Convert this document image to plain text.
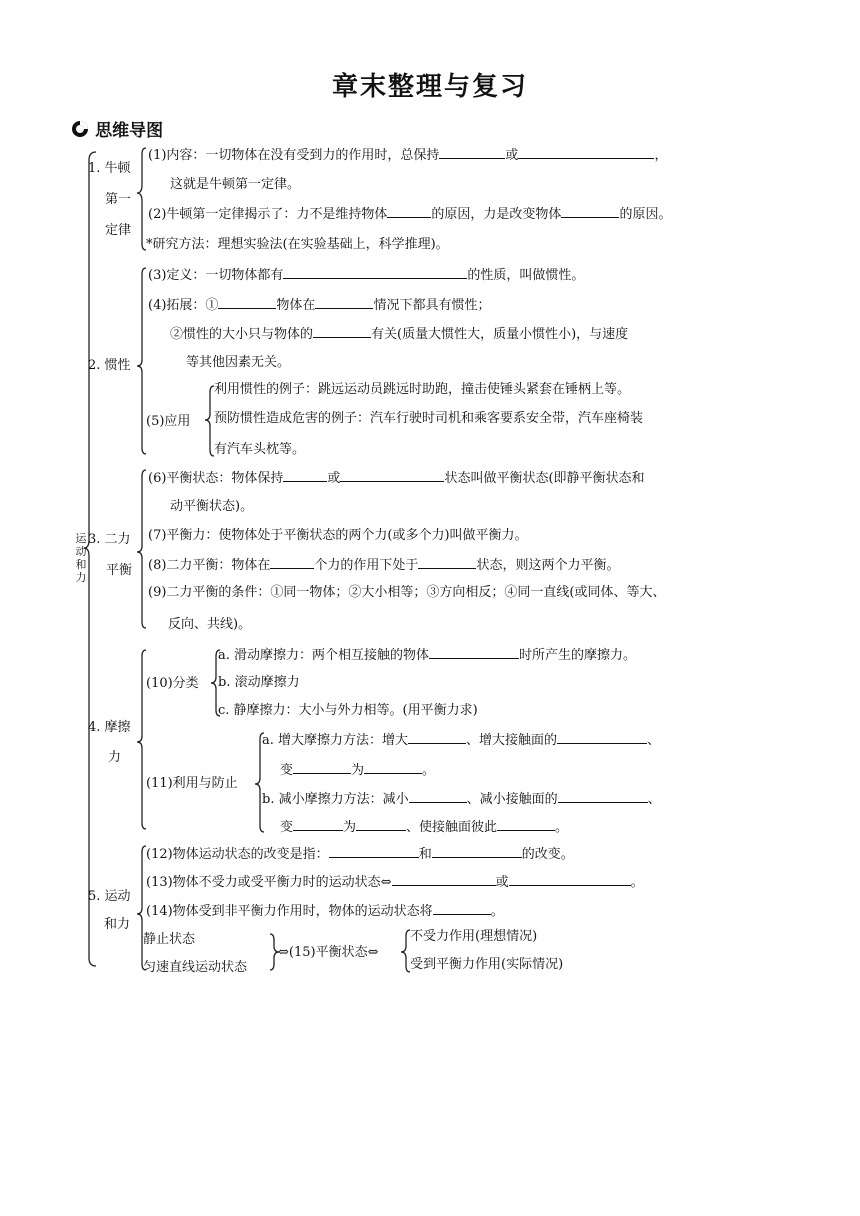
章末整理与复习
思维导图
运动和力
1. 牛顿
第一
定律
(1)内容：一切物体在没有受到力的作用时，总保持	或	，
这就是牛顿第一定律。
(2)牛顿第一定律揭示了：力不是维持物体	的原因，力是改变物体	的原因。
*研究方法：理想实验法(在实验基础上，科学推理)。
2. 惯性
(3)定义：一切物体都有	的性质，叫做惯性。
(4)拓展：①	物体在	情况下都具有惯性；
②惯性的大小只与物体的	有关(质量大惯性大，质量小惯性小)，与速度
等其他因素无关。
(5)应用
利用惯性的例子：跳远运动员跳远时助跑，撞击使锤头紧套在锤柄上等。
预防惯性造成危害的例子：汽车行驶时司机和乘客要系安全带，汽车座椅装
有汽车头枕等。
3. 二力
平衡
(6)平衡状态：物体保持	或	状态叫做平衡状态(即静平衡状态和
动平衡状态)。
(7)平衡力：使物体处于平衡状态的两个力(或多个力)叫做平衡力。
(8)二力平衡：物体在	个力的作用下处于	状态，则这两个力平衡。
(9)二力平衡的条件：①同一物体；②大小相等；③方向相反；④同一直线(或同体、等大、
反向、共线)。
4. 摩擦
力
(10)分类
a. 滑动摩擦力：两个相互接触的物体	时所产生的摩擦力。
b. 滚动摩擦力
c. 静摩擦力：大小与外力相等。(用平衡力求)
(11)利用与防止
a. 增大摩擦力方法：增大	、增大接触面的	、
变	为	。
b. 减小摩擦力方法：减小	、减小接触面的	、
变	为	、使接触面彼此	。
5. 运动
和力
(12)物体运动状态的改变是指：	和	的改变。
(13)物体不受力或受平衡力时的运动状态⇔	或	。
(14)物体受到非平衡力作用时，物体的运动状态将	。
静止状态
匀速直线运动状态
⇔(15)平衡状态⇔
不受力作用(理想情况)
受到平衡力作用(实际情况)
